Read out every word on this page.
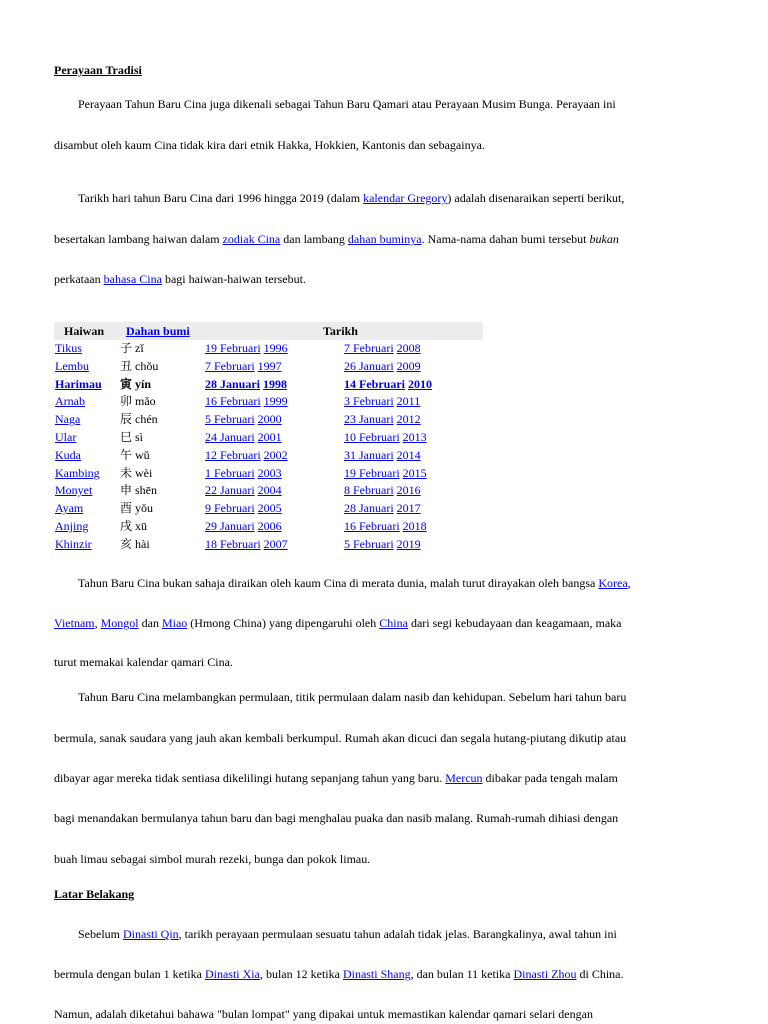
Perayaan Tradisi
Perayaan Tahun Baru Cina juga dikenali sebagai Tahun Baru Qamari atau Perayaan Musim Bunga. Perayaan ini
disambut oleh kaum Cina tidak kira dari etnik Hakka, Hokkien, Kantonis dan sebagainya.
Tarikh hari tahun Baru Cina dari 1996 hingga 2019 (dalam kalendar Gregory) adalah disenaraikan seperti berikut,
besertakan lambang haiwan dalam zodiak Cina dan lambang dahan buminya. Nama-nama dahan bumi tersebut bukan
perkataan bahasa Cina bagi haiwan-haiwan tersebut.
Haiwan Dahan bumi	Tarikh
Tikus	子 zǐ	19 Februari 1996	7 Februari 2008
Lembu	丑 chǒu	7 Februari 1997	26 Januari 2009
Harimau 寅 yín	28 Januari 1998	14 Februari 2010
Arnab	卯 mǎo	16 Februari 1999	3 Februari 2011
Naga	辰 chén	5 Februari 2000	23 Januari 2012
Ular	巳 sì	24 Januari 2001	10 Februari 2013
Kuda	午 wǔ	12 Februari 2002	31 Januari 2014
Kambing 未 wèi	1 Februari 2003	19 Februari 2015
Monyet 申 shēn	22 Januari 2004	8 Februari 2016
Ayam	酉 yǒu	9 Februari 2005	28 Januari 2017
Anjing	戌 xū	29 Januari 2006	16 Februari 2018
Khinzir 亥 hài	18 Februari 2007	5 Februari 2019
Tahun Baru Cina bukan sahaja diraikan oleh kaum Cina di merata dunia, malah turut dirayakan oleh bangsa Korea,
Vietnam, Mongol dan Miao (Hmong China) yang dipengaruhi oleh China dari segi kebudayaan dan keagamaan, maka
turut memakai kalendar qamari Cina.
Tahun Baru Cina melambangkan permulaan, titik permulaan dalam nasib dan kehidupan. Sebelum hari tahun baru
bermula, sanak saudara yang jauh akan kembali berkumpul. Rumah akan dicuci dan segala hutang-piutang dikutip atau
dibayar agar mereka tidak sentiasa dikelilingi hutang sepanjang tahun yang baru. Mercun dibakar pada tengah malam
bagi menandakan bermulanya tahun baru dan bagi menghalau puaka dan nasib malang. Rumah-rumah dihiasi dengan
buah limau sebagai simbol murah rezeki, bunga dan pokok limau.
Latar Belakang
Sebelum Dinasti Qin, tarikh perayaan permulaan sesuatu tahun adalah tidak jelas. Barangkalinya, awal tahun ini
bermula dengan bulan 1 ketika Dinasti Xia, bulan 12 ketika Dinasti Shang, dan bulan 11 ketika Dinasti Zhou di China.
Namun, adalah diketahui bahawa "bulan lompat" yang dipakai untuk memastikan kalendar qamari selari dengan
